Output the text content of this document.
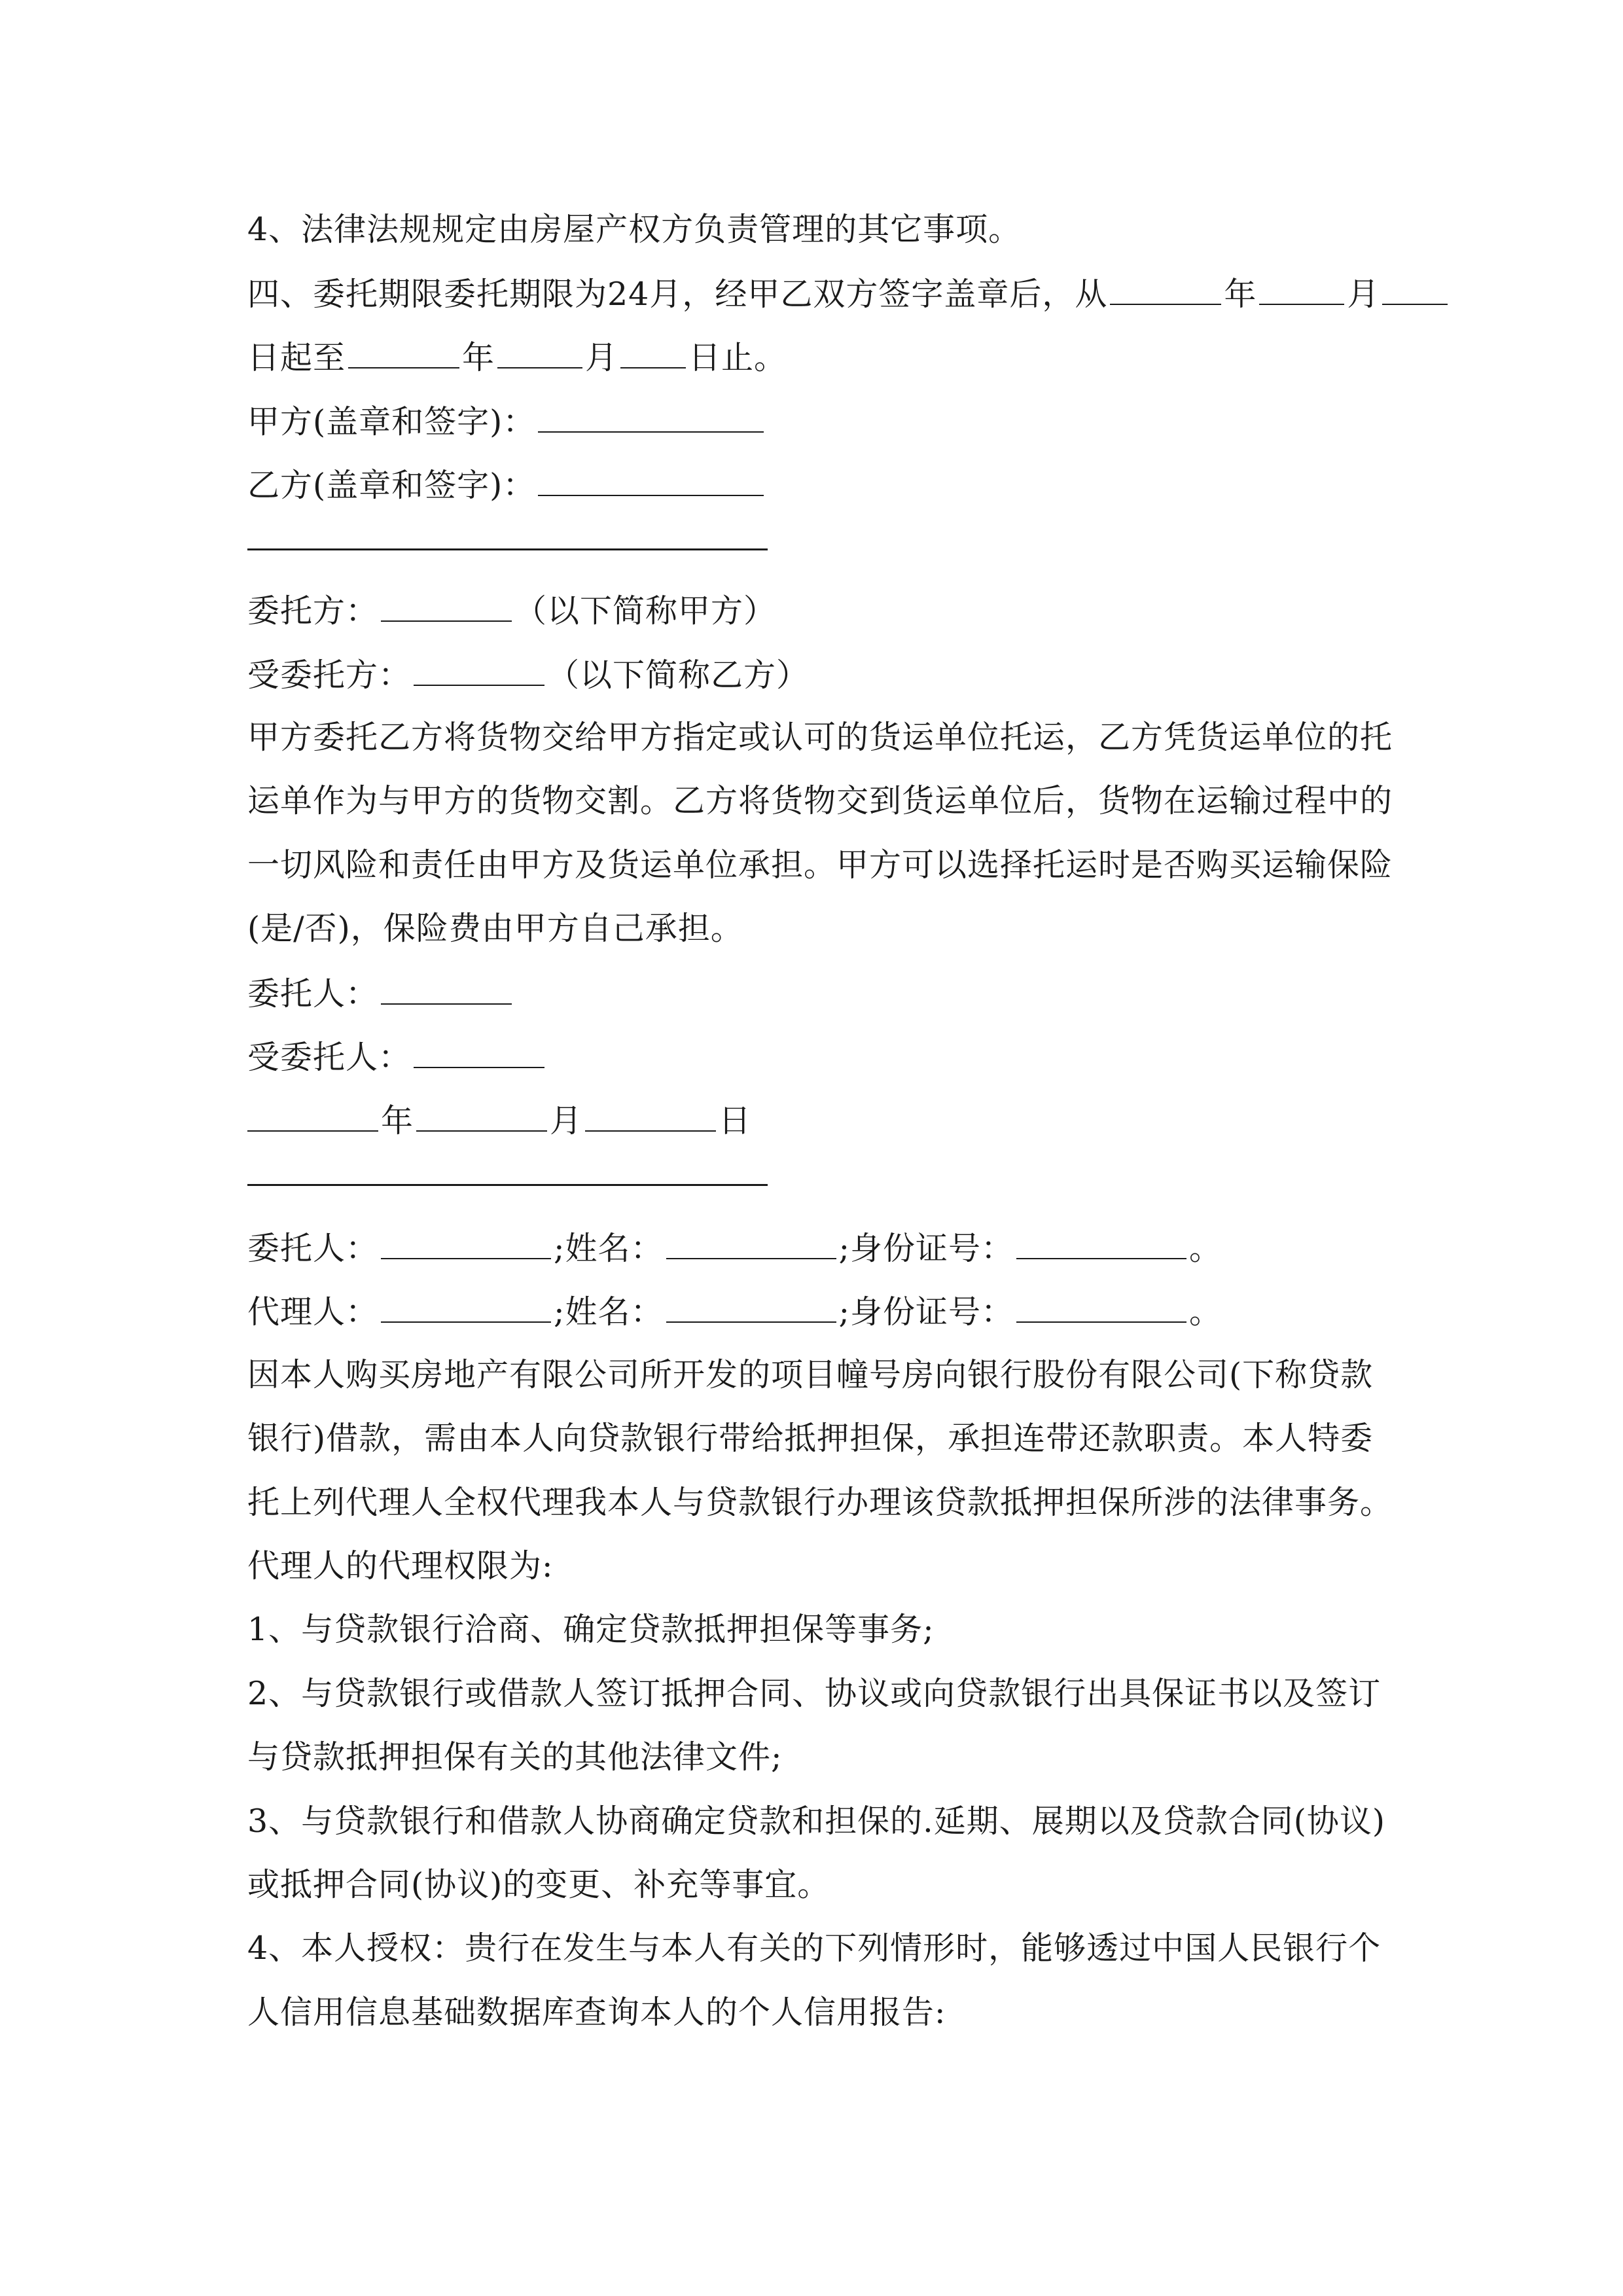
4、法律法规规定由房屋产权方负责管理的其它事项。
四、委托期限委托期限为24月，经甲乙双方签字盖章后，从	年	月
日起至	年	月 日止。
甲方(盖章和签字)：
乙方(盖章和签字)：
委托方：	（以下简称甲方）
受委托方：	（以下简称乙方）
甲方委托乙方将货物交给甲方指定或认可的货运单位托运，乙方凭货运单位的托
运单作为与甲方的货物交割。乙方将货物交到货运单位后，货物在运输过程中的
一切风险和责任由甲方及货运单位承担。甲方可以选择托运时是否购买运输保险
(是/否)，保险费由甲方自己承担。
委托人：
受委托人：
年	月	日
委托人：	;姓名：	;身份证号：	。
代理人：	;姓名：	;身份证号：	。
因本人购买房地产有限公司所开发的项目幢号房向银行股份有限公司(下称贷款
银行)借款，需由本人向贷款银行带给抵押担保，承担连带还款职责。本人特委
托上列代理人全权代理我本人与贷款银行办理该贷款抵押担保所涉的法律事务。
代理人的代理权限为:
1、与贷款银行洽商、确定贷款抵押担保等事务;
2、与贷款银行或借款人签订抵押合同、协议或向贷款银行出具保证书以及签订
与贷款抵押担保有关的其他法律文件;
3、与贷款银行和借款人协商确定贷款和担保的.延期、展期以及贷款合同(协议)
或抵押合同(协议)的变更、补充等事宜。
4、本人授权：贵行在发生与本人有关的下列情形时，能够透过中国人民银行个
人信用信息基础数据库查询本人的个人信用报告:
